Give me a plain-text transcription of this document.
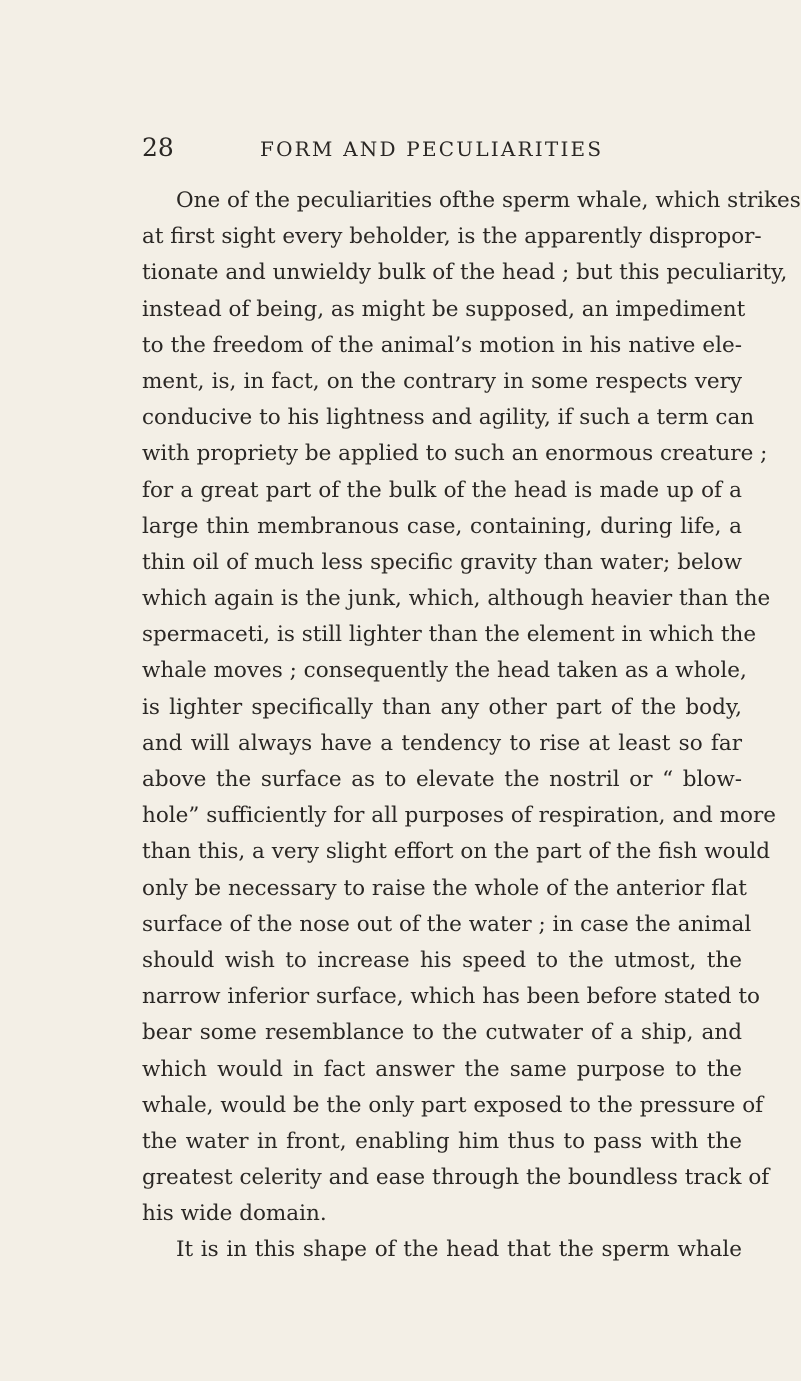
28	FORM AND PECULIARITIES
One of the peculiarities ofthe sperm whale, which strikes
at first sight every beholder, is the apparently dispropor-
tionate and unwieldy bulk of the head ; but this peculiarity,
instead of being, as might be supposed, an impediment
to the freedom of the animal’s motion in his native ele-
ment, is, in fact, on the contrary in some respects very
conducive to his lightness and agility, if such a term can
with propriety be applied to such an enormous creature ;
for a great part of the bulk of the head is made up of a
large thin membranous case, containing, during life, a
thin oil of much less specific gravity than water; below
which again is the junk, which, although heavier than the
spermaceti, is still lighter than the element in which the
whale moves ; consequently the head taken as a whole,
is lighter specifically than any other part of the body,
and will always have a tendency to rise at least so far
above the surface as to elevate the nostril or “ blow-
hole” sufficiently for all purposes of respiration, and more
than this, a very slight effort on the part of the fish would
only be necessary to raise the whole of the anterior flat
surface of the nose out of the water ; in case the animal
should wish to increase his speed to the utmost, the
narrow inferior surface, which has been before stated to
bear some resemblance to the cutwater of a ship, and
which would in fact answer the same purpose to the
whale, would be the only part exposed to the pressure of
the water in front, enabling him thus to pass with the
greatest celerity and ease through the boundless track of
his wide domain.
It is in this shape of the head that the sperm whale
